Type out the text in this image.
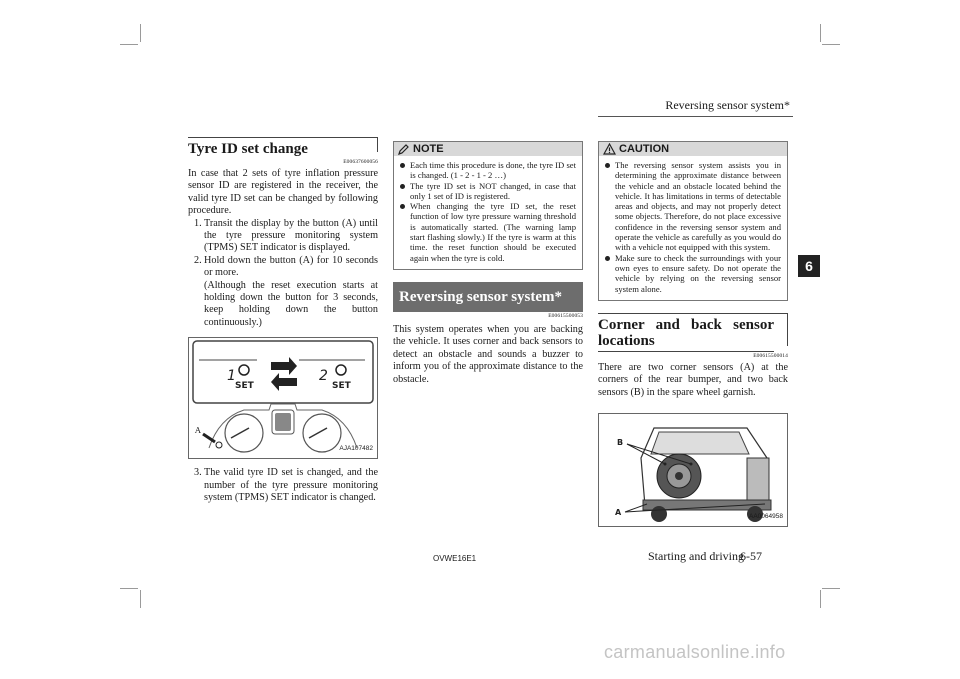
Reversing sensor system*
6

Tyre ID set change

E00637600056

In case that 2 sets of tyre inflation pressure sensor ID are registered in the receiver, the valid tyre ID set can be changed by following procedure.

1. Transit the display by the button (A) until the tyre pressure monitoring system (TPMS) SET indicator is displayed.
2. Hold down the button (A) for 10 seconds or more.
(Although the reset execution starts at holding down the button for 3 seconds, keep holding down the button continuously.)
1	2
SET	SET
A
AJA107482
3. The valid tyre ID set is changed, and the number of the tyre pressure monitoring system (TPMS) SET indicator is changed.
NOTE
Each time this procedure is done, the tyre ID set is changed. (1 - 2 - 1 - 2 …)
The tyre ID set is NOT changed, in case that only 1 set of ID is registered.
When changing the tyre ID set, the reset function of low tyre pressure warning threshold is automatically started. (The warning lamp start flashing slowly.) If the tyre is warm at this time. the reset function should be executed again when the tyre is cold.
Reversing sensor system*
E00615500053

This system operates when you are backing the vehicle. It uses corner and back sensors to detect an obstacle and sounds a buzzer to inform you of the approximate distance to the obstacle.

CAUTION
The reversing sensor system assists you in determining the approximate distance between the vehicle and an obstacle located behind the vehicle. It has limitations in terms of detectable areas and objects, and may not properly detect some objects. Therefore, do not place excessive confidence in the reversing sensor system and operate the vehicle as carefully as you would do with a vehicle not equipped with this system.
Make sure to check the surroundings with your own eyes to ensure safety. Do not operate the vehicle by relying on the reversing sensor system alone.
Corner and back sensor locations
E00615500014

There are two corner sensors (A) at the corners of the rear bumper, and two back sensors (B) in the spare wheel garnish.

B
A	AA0064958
OVWE16E1	Starting and driving
6-57
carmanualsonline.info
